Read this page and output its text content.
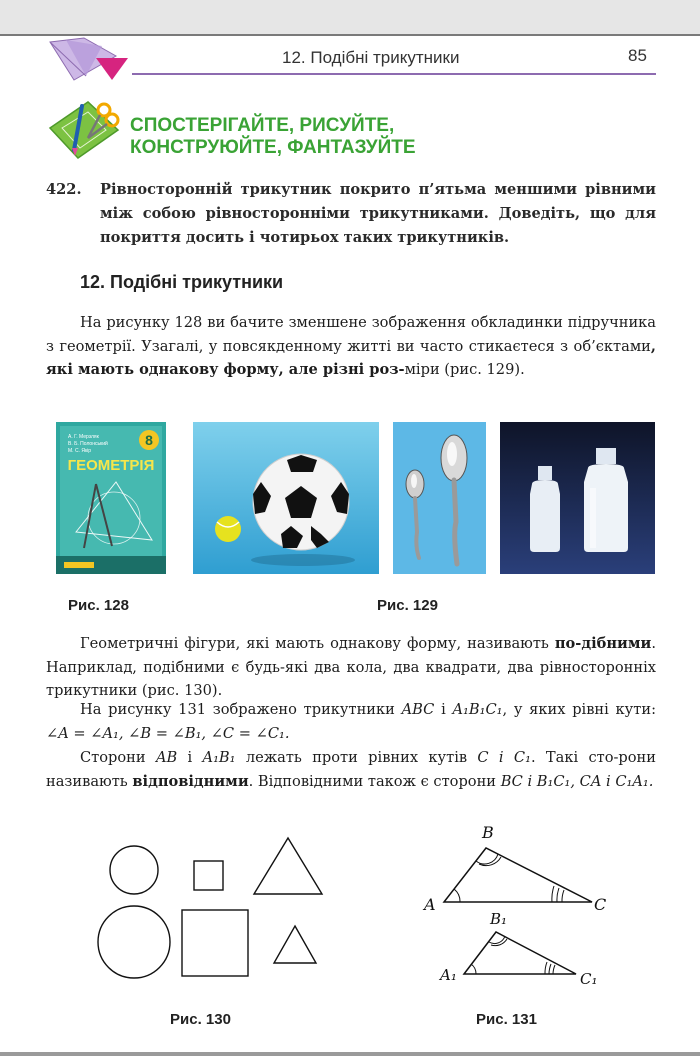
12. Подібні трикутники	85
СПОСТЕРІГАЙТЕ, РИСУЙТЕ,
КОНСТРУЮЙТЕ, ФАНТАЗУЙТЕ
422. Рівносторонній трикутник покрито п’ятьма меншими рівними між собою рівносторонніми трикутниками. Доведіть, що для покриття досить і чотирьох таких трикутників.
12. Подібні трикутники
На рисунку 128 ви бачите зменшене зображення обкладинки підручника з геометрії. Узагалі, у повсякденному житті ви часто стикаєтеся з об’єктами, які мають однакову форму, але різні роз-міри (рис. 129).
А. Г. Мерзляк
В. Б. Полонський
М. С. Якір
8
ГЕОМЕТРІЯ
Рис. 128	Рис. 129
Геометричні фігури, які мають однакову форму, називають по-дібними. Наприклад, подібними є будь-які два кола, два квадрати, два рівносторонніх трикутники (рис. 130).
На рисунку 131 зображено трикутники ABC і A₁B₁C₁, у яких рівні кути: ∠A = ∠A₁, ∠B = ∠B₁, ∠C = ∠C₁.
Сторони AB і A₁B₁ лежать проти рівних кутів C і C₁. Такі сто-рони називають відповідними. Відповідними також є сторони BC і B₁C₁, CA і C₁A₁.
A
B
C
A₁
B₁
C₁
Рис. 130	Рис. 131
